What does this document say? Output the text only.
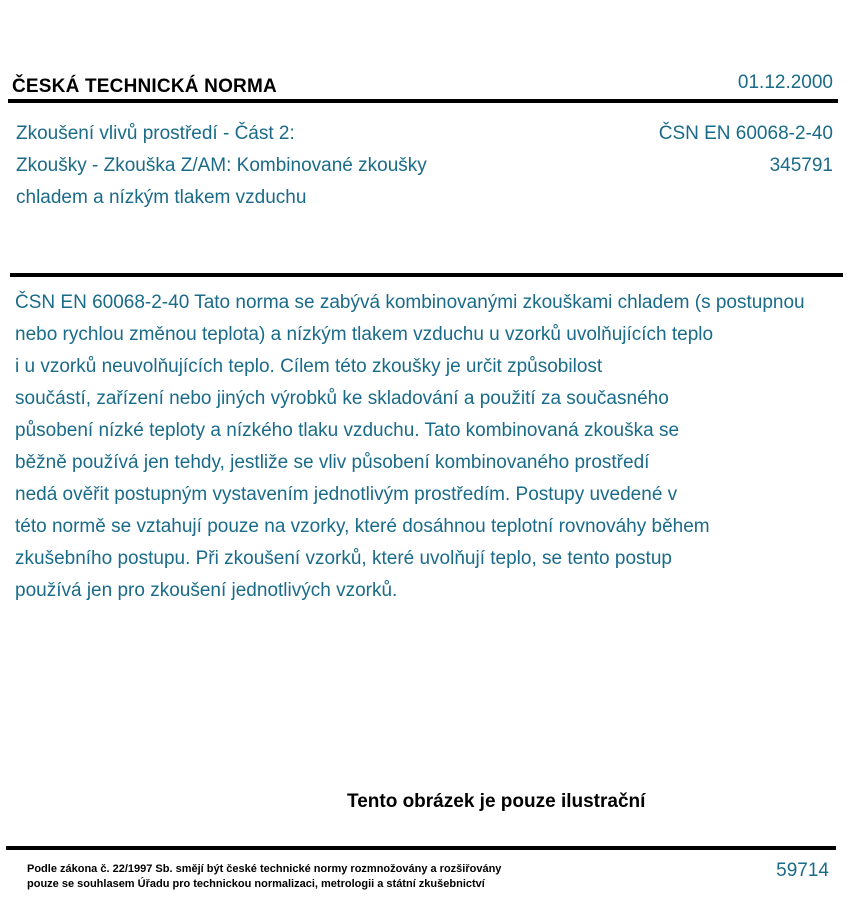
ČESKÁ TECHNICKÁ NORMA	01.12.2000
Zkoušení vlivů prostředí - Část 2:
Zkoušky - Zkouška Z/AM: Kombinované zkoušky
chladem a nízkým tlakem vzduchu
ČSN EN 60068-2-40
345791
ČSN EN 60068-2-40 Tato norma se zabývá kombinovanými zkouškami chladem (s postupnou
nebo rychlou změnou teplota) a nízkým tlakem vzduchu u vzorků uvolňujících teplo
i u vzorků neuvolňujících teplo. Cílem této zkoušky je určit způsobilost
součástí, zařízení nebo jiných výrobků ke skladování a použití za současného
působení nízké teploty a nízkého tlaku vzduchu. Tato kombinovaná zkouška se
běžně používá jen tehdy, jestliže se vliv působení kombinovaného prostředí
nedá ověřit postupným vystavením jednotlivým prostředím. Postupy uvedené v
této normě se vztahují pouze na vzorky, které dosáhnou teplotní rovnováhy během
zkušebního postupu. Při zkoušení vzorků, které uvolňují teplo, se tento postup
používá jen pro zkoušení jednotlivých vzorků.
Tento obrázek je pouze ilustrační
Podle zákona č. 22/1997 Sb. smějí být české technické normy rozmnožovány a rozšiřovány
pouze se souhlasem Úřadu pro technickou normalizaci, metrologii a státní zkušebnictví
59714
